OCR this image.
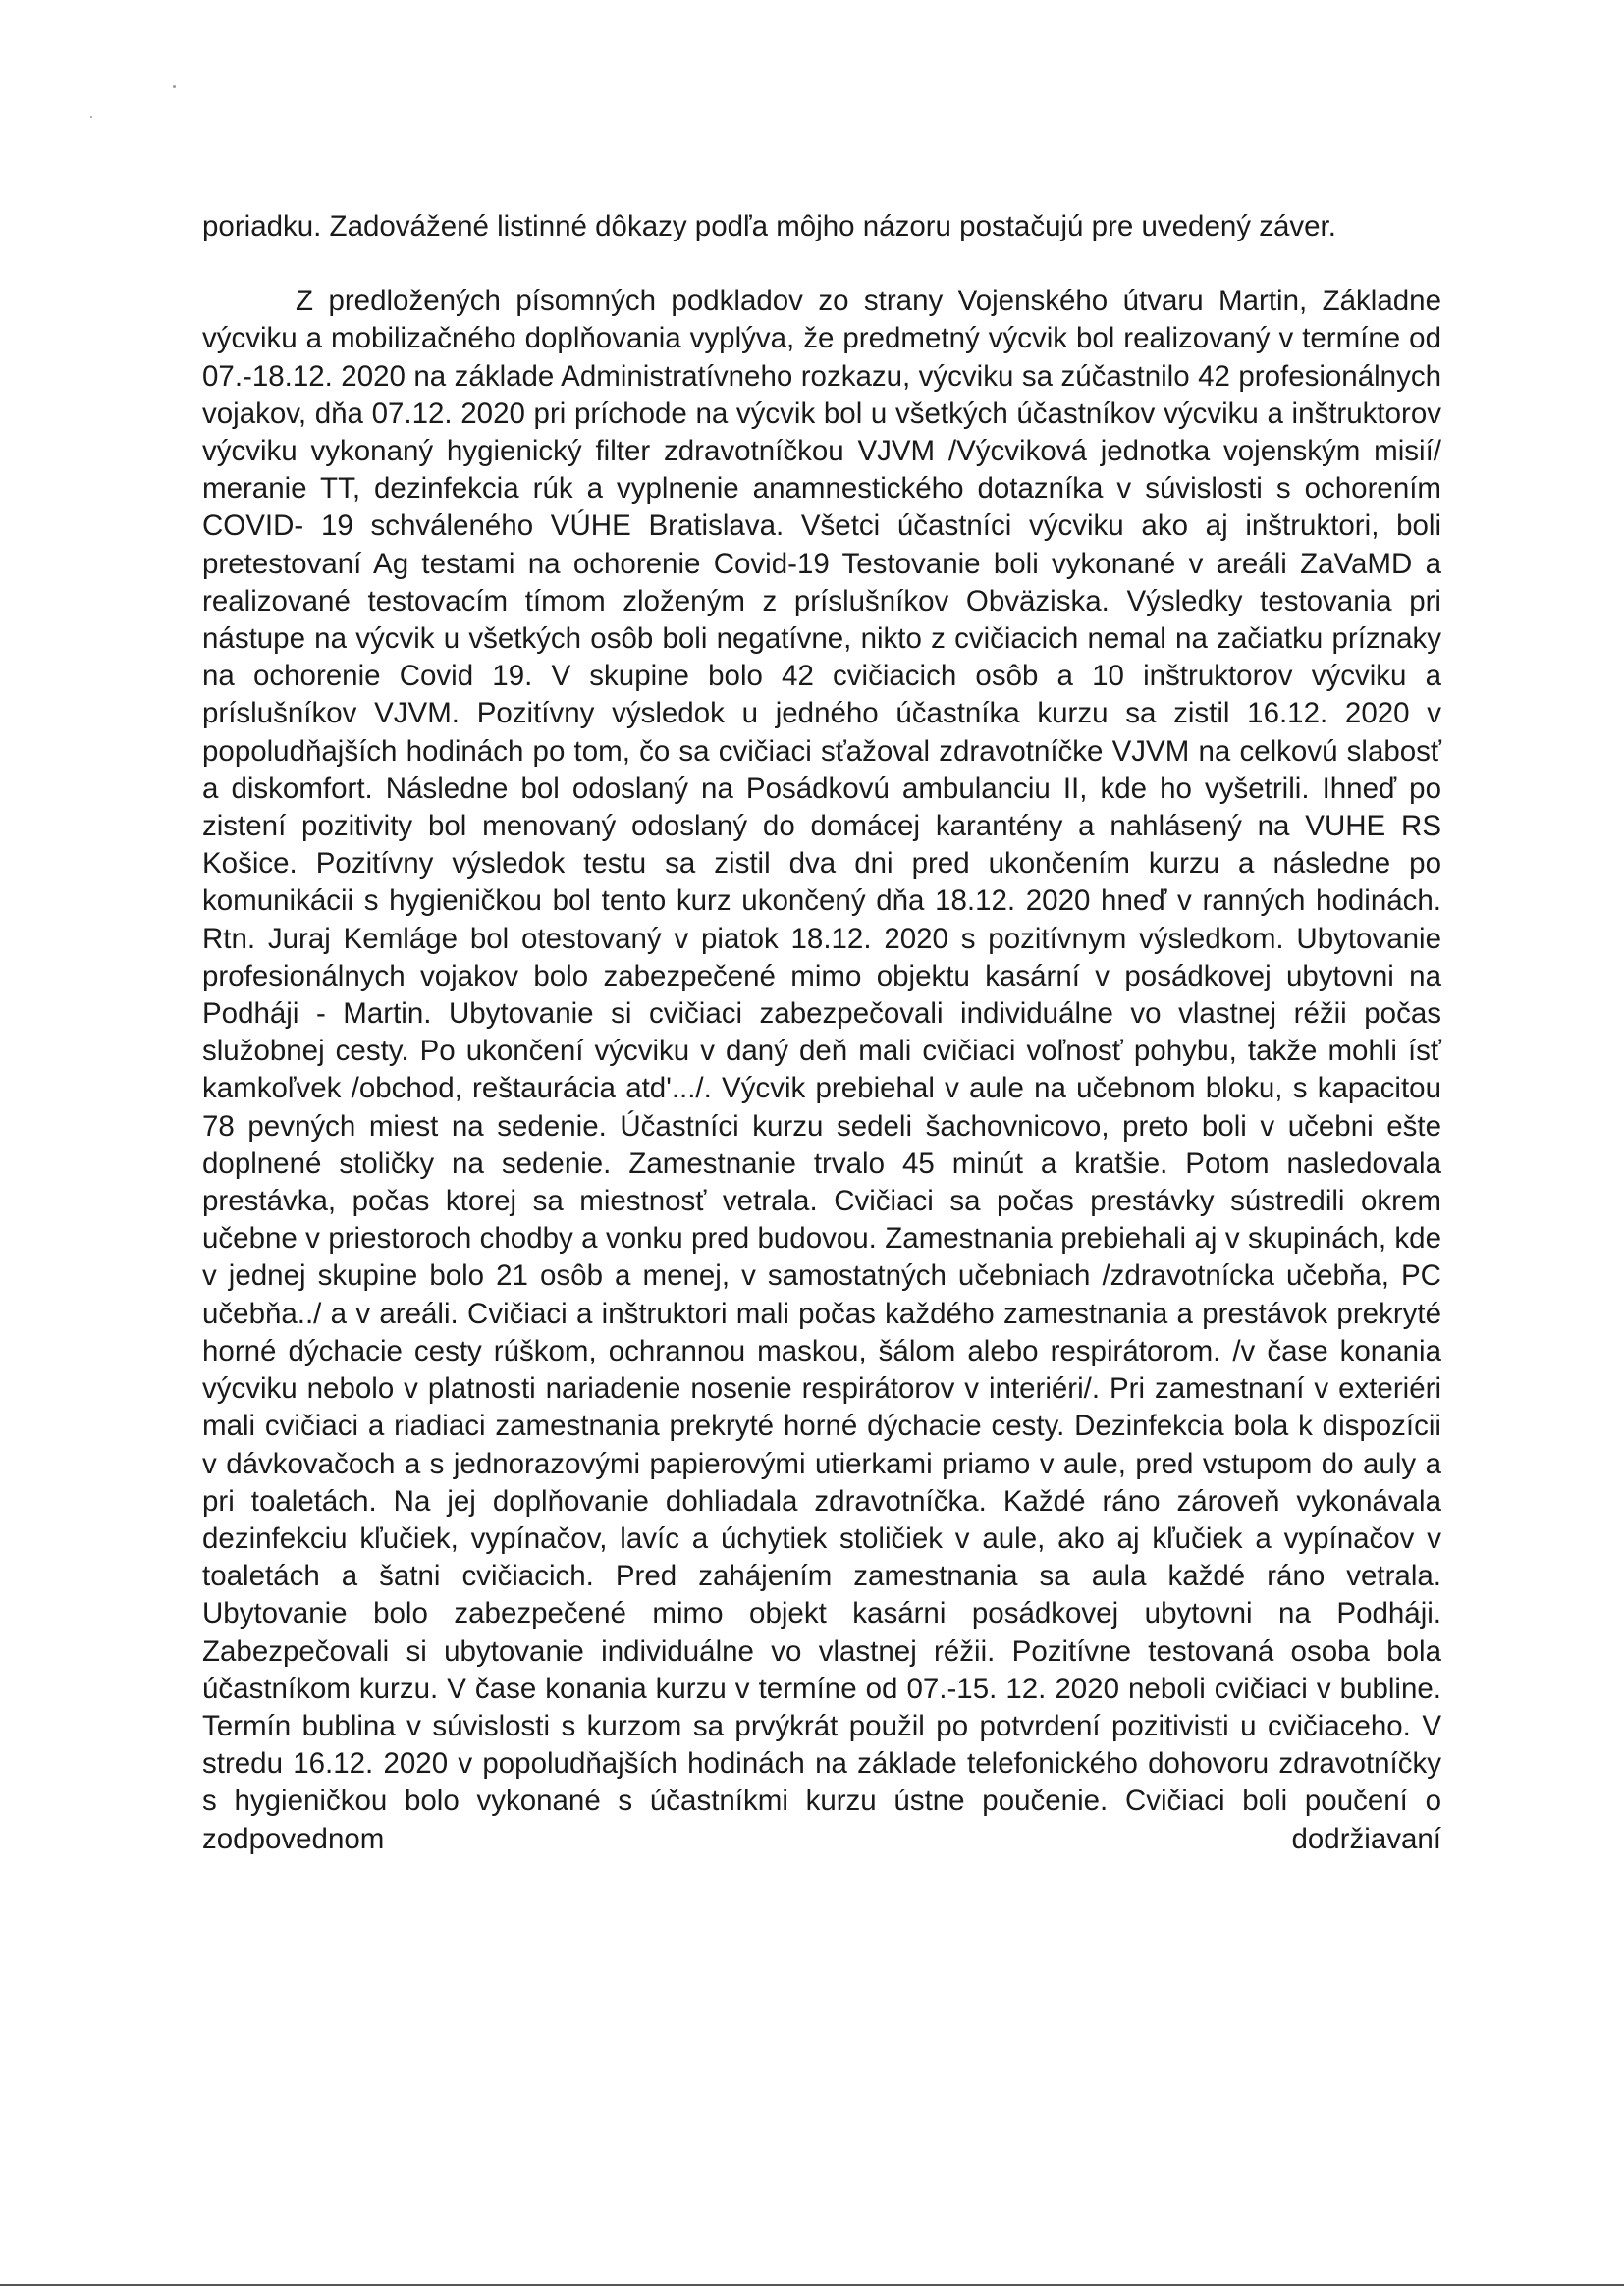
poriadku. Zadovážené listinné dôkazy podľa môjho názoru postačujú pre uvedený záver.

Z predložených písomných podkladov zo strany Vojenského útvaru Martin, Základne výcviku a mobilizačného doplňovania vyplýva, že predmetný výcvik bol realizovaný v termíne od 07.-18.12. 2020 na základe Administratívneho rozkazu, výcviku sa zúčastnilo 42 profesionálnych vojakov, dňa 07.12. 2020 pri príchode na výcvik bol u všetkých účastníkov výcviku a inštruktorov výcviku vykonaný hygienický filter zdravotníčkou VJVM /Výcviková jednotka vojenským misií/ meranie TT, dezinfekcia rúk a vyplnenie anamnestického dotazníka v súvislosti s ochorením COVID- 19 schváleného VÚHE Bratislava. Všetci účastníci výcviku ako aj inštruktori, boli pretestovaní Ag testami na ochorenie Covid-19 Testovanie boli vykonané v areáli ZaVaMD a realizované testovacím tímom zloženým z príslušníkov Obväziska. Výsledky testovania pri nástupe na výcvik u všetkých osôb boli negatívne, nikto z cvičiacich nemal na začiatku príznaky na ochorenie Covid 19. V skupine bolo 42 cvičiacich osôb a 10 inštruktorov výcviku a príslušníkov VJVM. Pozitívny výsledok u jedného účastníka kurzu sa zistil 16.12. 2020 v popoludňajších hodinách po tom, čo sa cvičiaci sťažoval zdravotníčke VJVM na celkovú slabosť a diskomfort. Následne bol odoslaný na Posádkovú ambulanciu II, kde ho vyšetrili. Ihneď po zistení pozitivity bol menovaný odoslaný do domácej karantény a nahlásený na VUHE RS Košice. Pozitívny výsledok testu sa zistil dva dni pred ukončením kurzu a následne po komunikácii s hygieničkou bol tento kurz ukončený dňa 18.12. 2020 hneď v ranných hodinách. Rtn. Juraj Kemláge bol otestovaný v piatok 18.12. 2020 s pozitívnym výsledkom. Ubytovanie profesionálnych vojakov bolo zabezpečené mimo objektu kasární v posádkovej ubytovni na Podháji - Martin. Ubytovanie si cvičiaci zabezpečovali individuálne vo vlastnej réžii počas služobnej cesty. Po ukončení výcviku v daný deň mali cvičiaci voľnosť pohybu, takže mohli ísť kamkoľvek /obchod, reštaurácia atd'.../. Výcvik prebiehal v aule na učebnom bloku, s kapacitou 78 pevných miest na sedenie. Účastníci kurzu sedeli šachovnicovo, preto boli v učebni ešte doplnené stoličky na sedenie. Zamestnanie trvalo 45 minút a kratšie. Potom nasledovala prestávka, počas ktorej sa miestnosť vetrala. Cvičiaci sa počas prestávky sústredili okrem učebne v priestoroch chodby a vonku pred budovou. Zamestnania prebiehali aj v skupinách, kde v jednej skupine bolo 21 osôb a menej, v samostatných učebniach /zdravotnícka učebňa, PC učebňa../ a v areáli. Cvičiaci a inštruktori mali počas každého zamestnania a prestávok prekryté horné dýchacie cesty rúškom, ochrannou maskou, šálom alebo respirátorom. /v čase konania výcviku nebolo v platnosti nariadenie nosenie respirátorov v interiéri/. Pri zamestnaní v exteriéri mali cvičiaci a riadiaci zamestnania prekryté horné dýchacie cesty. Dezinfekcia bola k dispozícii v dávkovačoch a s jednorazovými papierovými utierkami priamo v aule, pred vstupom do auly a pri toaletách. Na jej doplňovanie dohliadala zdravotníčka. Každé ráno zároveň vykonávala dezinfekciu kľučiek, vypínačov, lavíc a úchytiek stoličiek v aule, ako aj kľučiek a vypínačov v toaletách a šatni cvičiacich. Pred zahájením zamestnania sa aula každé ráno vetrala. Ubytovanie bolo zabezpečené mimo objekt kasárni posádkovej ubytovni na Podháji. Zabezpečovali si ubytovanie individuálne vo vlastnej réžii. Pozitívne testovaná osoba bola účastníkom kurzu. V čase konania kurzu v termíne od 07.-15. 12. 2020 neboli cvičiaci v bubline. Termín bublina v súvislosti s kurzom sa prvýkrát použil po potvrdení pozitivisti u cvičiaceho. V stredu 16.12. 2020 v popoludňajších hodinách na základe telefonického dohovoru zdravotníčky s hygieničkou bolo vykonané s účastníkmi kurzu ústne poučenie. Cvičiaci boli poučení o zodpovednom dodržiavaní
